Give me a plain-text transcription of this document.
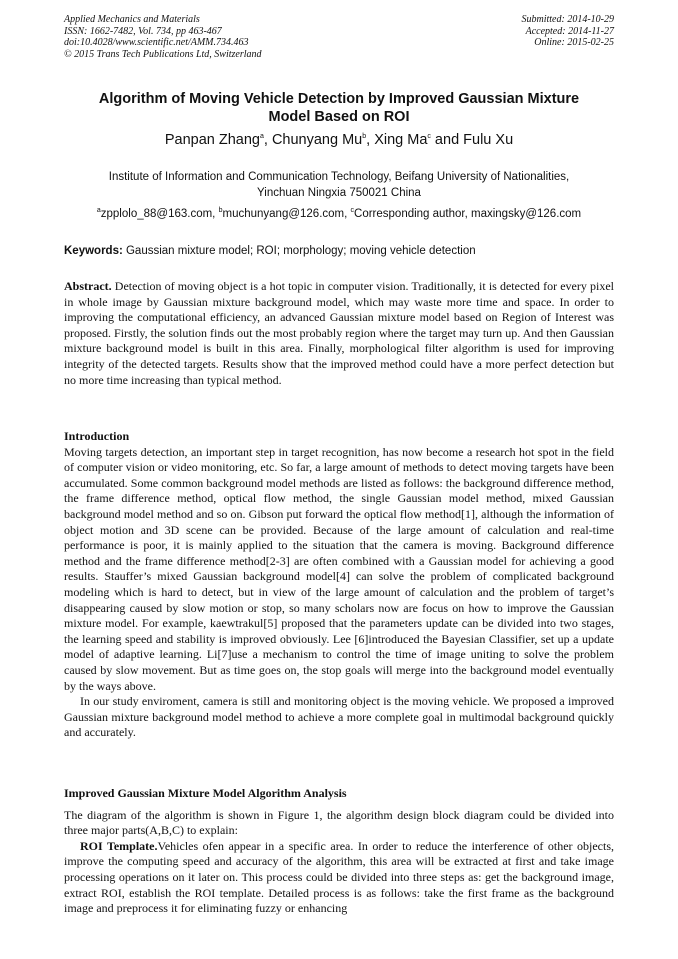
Applied Mechanics and Materials
ISSN: 1662-7482, Vol. 734, pp 463-467
doi:10.4028/www.scientific.net/AMM.734.463
© 2015 Trans Tech Publications Ltd, Switzerland
Submitted: 2014-10-29
Accepted: 2014-11-27
Online: 2015-02-25
Algorithm of Moving Vehicle Detection by Improved Gaussian Mixture
Model Based on ROI
Panpan Zhang$^a$, Chunyang Mu$^b$, Xing Ma$^c$ and Fulu Xu
Institute of Information and Communication Technology, Beifang University of Nationalities,
Yinchuan Ningxia 750021 China
$^a$zpplolo_88@163.com, $^b$muchunyang@126.com, $^c$Corresponding author, maxingsky@126.com
Keywords: Gaussian mixture model; ROI; morphology; moving vehicle detection

Abstract. Detection of moving object is a hot topic in computer vision. Traditionally, it is detected for every pixel in whole image by Gaussian mixture background model, which may waste more time and space. In order to improving the computational efficiency, an advanced Gaussian mixture model based on Region of Interest was proposed. Firstly, the solution finds out the most probably region where the target may turn up. And then Gaussian mixture background model is built in this area. Finally, morphological filter algorithm is used for improving integrity of the detected targets. Results show that the improved method could have a more perfect detection but no more time increasing than typical method.

Introduction

Moving targets detection, an important step in target recognition, has now become a research hot spot in the field of computer vision or video monitoring, etc. So far, a large amount of methods to detect moving targets have been accumulated. Some common background model methods are listed as follows: the background difference method, the frame difference method, optical flow method, the single Gaussian model method, mixed Gaussian background model method and so on. Gibson put forward the optical flow method[1], although the information of object motion and 3D scene can be provided. Because of the large amount of calculation and real-time performance is poor, it is mainly applied to the situation that the camera is moving. Background difference method and the frame difference method[2-3] are often combined with a Gaussian model for achieving a good results. Stauffer’s mixed Gaussian background model[4] can solve the problem of complicated background modeling which is hard to detect, but in view of the large amount of calculation and the problem of target’s disappearing caused by slow motion or stop, so many scholars now are focus on how to improve the Gaussian mixture model. For example, kaewtrakul[5] proposed that the parameters update can be divided into two stages, the learning speed and stability is improved obviously. Lee [6]introduced the Bayesian Classifier, set up a update model of adaptive learning. Li[7]use a mechanism to control the time of image uniting to solve the problem caused by slow movement. But as time goes on, the stop goals will merge into the background model eventually by the ways above.

In our study enviroment, camera is still and monitoring object is the moving vehicle. We proposed a improved Gaussian mixture background model method to achieve a more complete goal in multimodal background quickly and accurately.

Improved Gaussian Mixture Model Algorithm Analysis

The diagram of the algorithm is shown in Figure 1, the algorithm design block diagram could be divided into three major parts(A,B,C) to explain:

ROI Template.Vehicles ofen appear in a specific area. In order to reduce the interference of other objects, improve the computing speed and accuracy of the algorithm, this area will be extracted at first and take image processing operations on it later on. This process could be divided into three steps as: get the background image, extract ROI, establish the ROI template. Detailed process is as follows: take the first frame as the background image and preprocess it for eliminating fuzzy or enhancing
